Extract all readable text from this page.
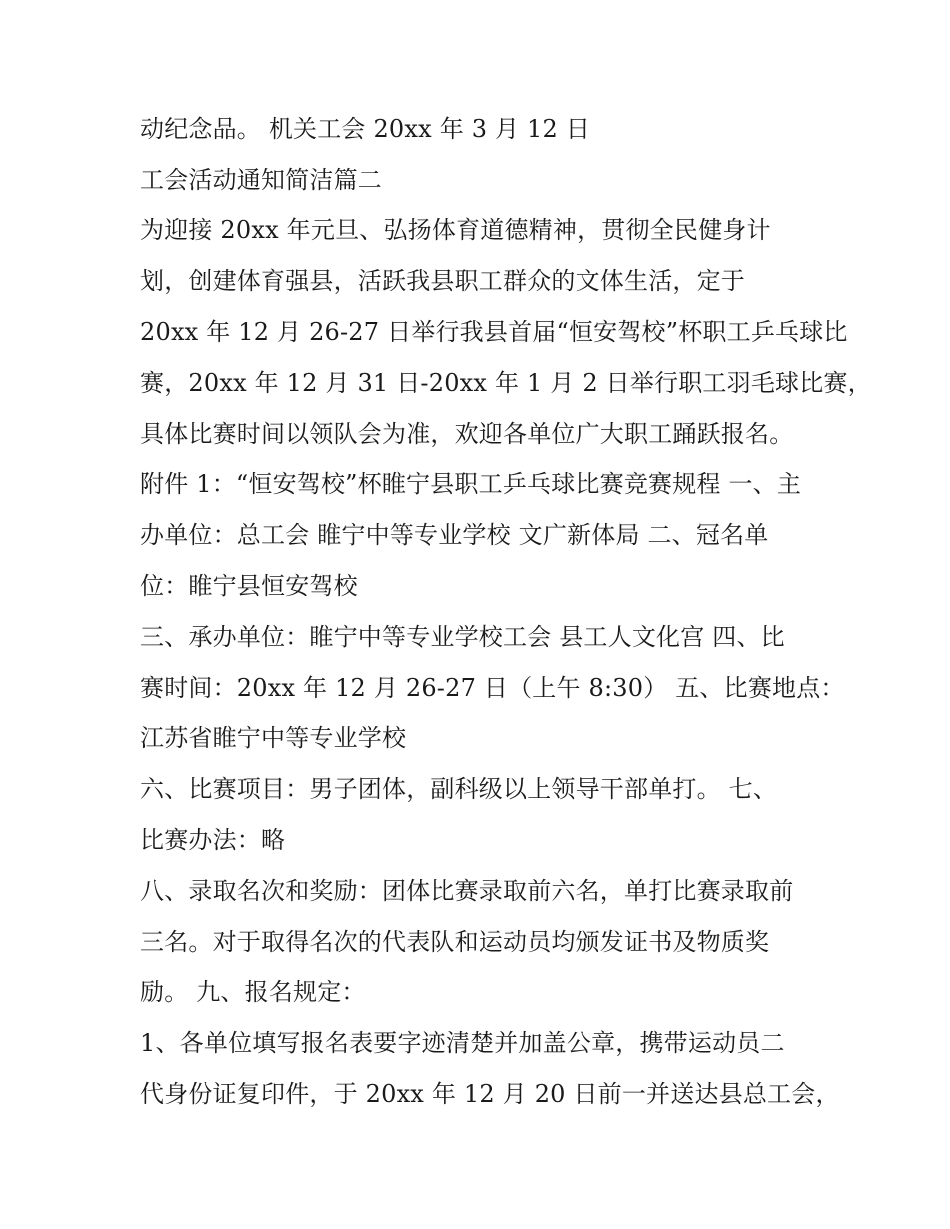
动纪念品。 机关工会 20xx 年 3 月 12 日
工会活动通知简洁篇二
为迎接 20xx 年元旦、弘扬体育道德精神，贯彻全民健身计
划，创建体育强县，活跃我县职工群众的文体生活，定于
20xx 年 12 月 26-27 日举行我县首届“恒安驾校”杯职工乒乓球比
赛，20xx 年 12 月 31 日-20xx 年 1 月 2 日举行职工羽毛球比赛，
具体比赛时间以领队会为准，欢迎各单位广大职工踊跃报名。
附件 1：“恒安驾校”杯睢宁县职工乒乓球比赛竞赛规程 一、主
办单位：总工会 睢宁中等专业学校 文广新体局 二、冠名单
位：睢宁县恒安驾校
三、承办单位：睢宁中等专业学校工会 县工人文化宫 四、比
赛时间：20xx 年 12 月 26-27 日（上午 8:30） 五、比赛地点：
江苏省睢宁中等专业学校
六、比赛项目：男子团体，副科级以上领导干部单打。 七、
比赛办法：略
八、录取名次和奖励：团体比赛录取前六名，单打比赛录取前
三名。对于取得名次的代表队和运动员均颁发证书及物质奖
励。 九、报名规定：
1、各单位填写报名表要字迹清楚并加盖公章，携带运动员二
代身份证复印件，于 20xx 年 12 月 20 日前一并送达县总工会，
